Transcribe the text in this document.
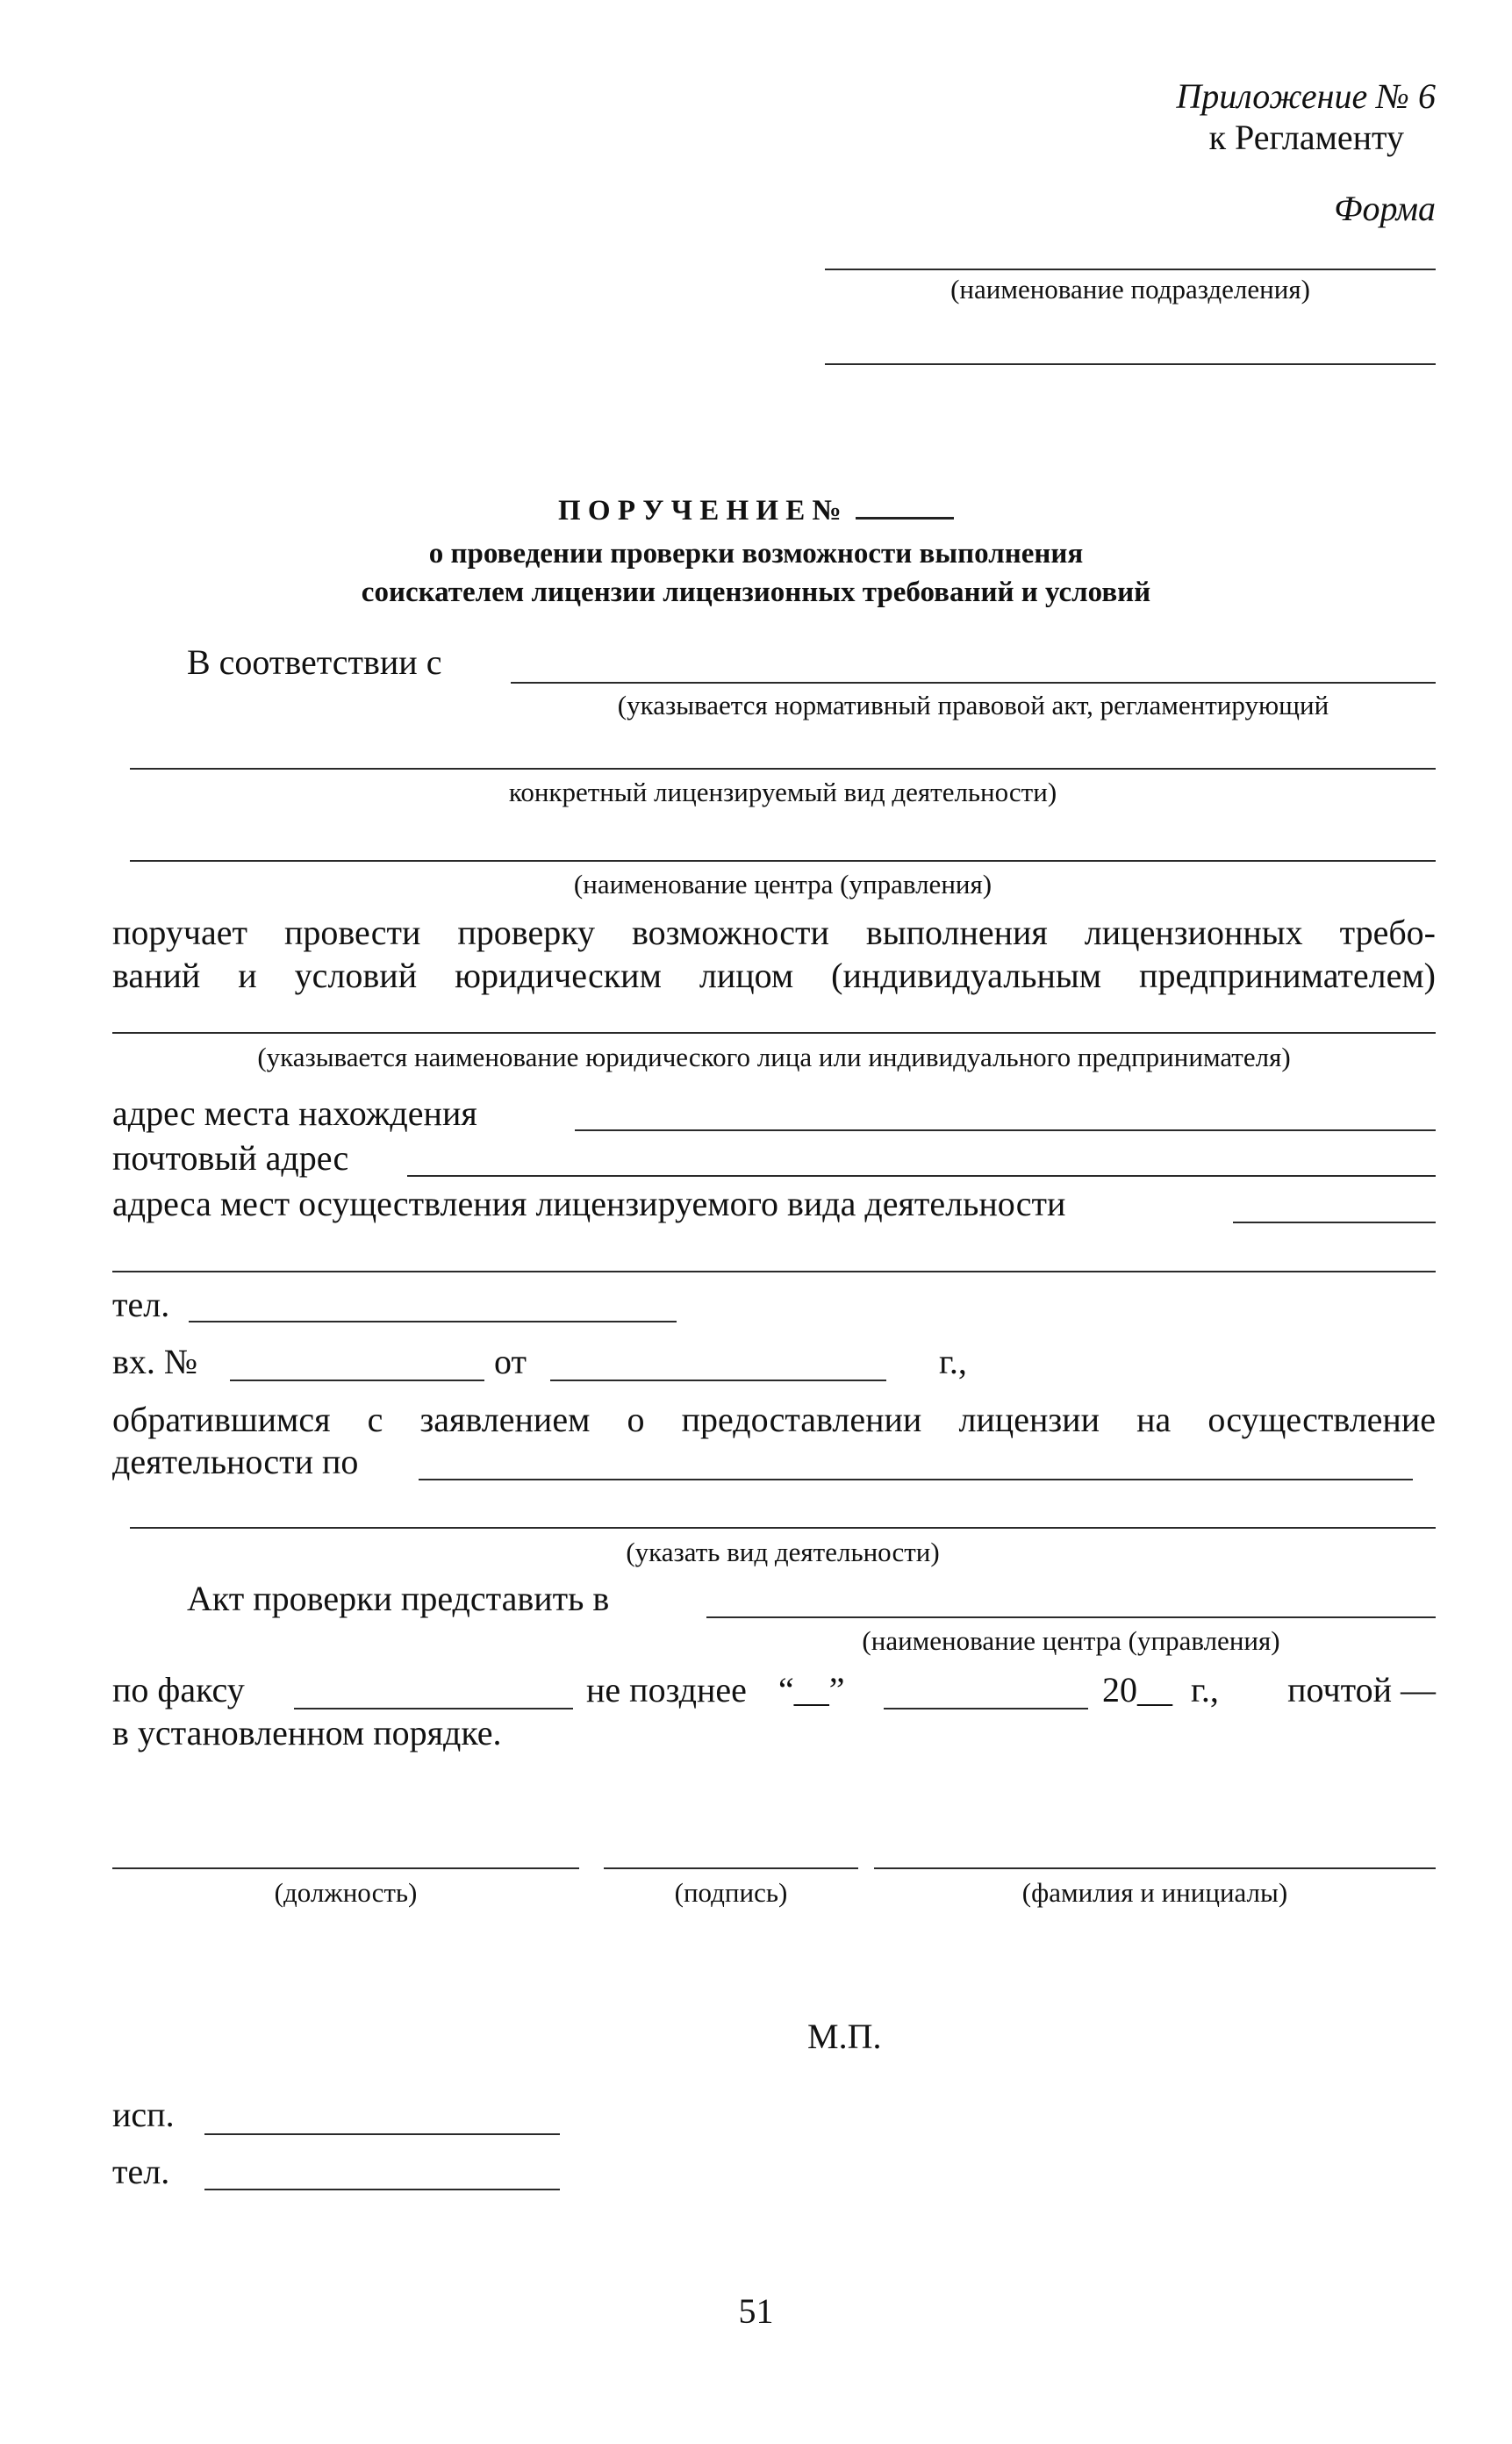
Приложение № 6
к Регламенту
Форма
(наименование подразделения)
П О Р У Ч Е Н И Е №
о проведении проверки возможности выполнения
соискателем лицензии лицензионных требований и условий
В соответствии с
(указывается нормативный правовой акт, регламентирующий
конкретный лицензируемый вид деятельности)
(наименование центра (управления)
поручает провести проверку возможности выполнения лицензионных требо-
ваний и условий юридическим лицом (индивидуальным предпринимателем)
(указывается наименование юридического лица или индивидуального предпринимателя)
адрес места нахождения
почтовый адрес
адреса мест осуществления лицензируемого вида деятельности
тел.
вх. №	от	г.,
обратившимся с заявлением о предоставлении лицензии на осуществление
деятельности по
(указать вид деятельности)
Акт проверки представить в
(наименование центра (управления)
по факсу	не позднее “__”	20__ г.,	почтой —
в установленном порядке.
(должность)	(подпись)	(фамилия и инициалы)
М.П.
исп.
тел.
51
